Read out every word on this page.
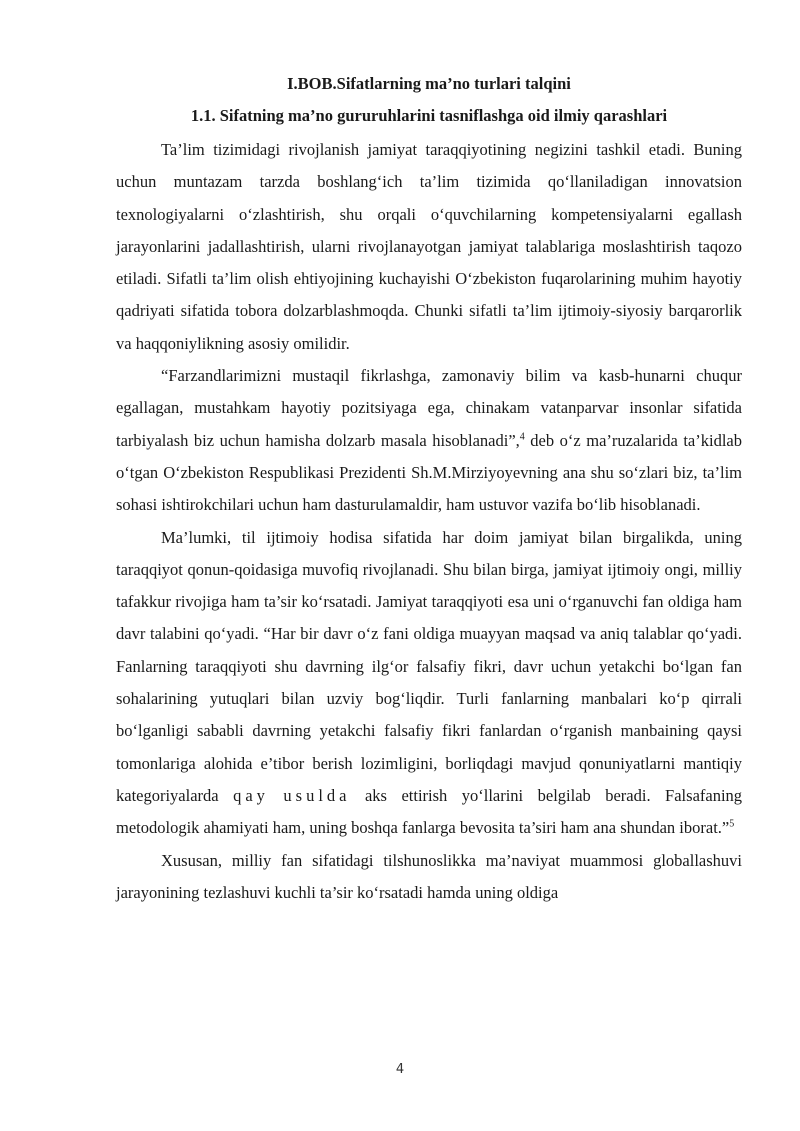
I.BOB.Sifatlarning ma’no turlari talqini
1.1. Sifatning ma’no gururuhlarini tasniflashga oid ilmiy qarashlari

Ta’lim tizimidagi rivojlanish jamiyat taraqqiyotining negizini tashkil etadi. Buning uchun muntazam tarzda boshlang‘ich ta’lim tizimida qo‘llaniladigan innovatsion texnologiyalarni o‘zlashtirish, shu orqali o‘quvchilarning kompetensiyalarni egallash jarayonlarini jadallashtirish, ularni rivojlanayotgan jamiyat talablariga moslashtirish taqozo etiladi. Sifatli ta’lim olish ehtiyojining kuchayishi O‘zbekiston fuqarolarining muhim hayotiy qadriyati sifatida tobora dolzarblashmoqda. Chunki sifatli ta’lim ijtimoiy-siyosiy barqarorlik va haqqoniylikning asosiy omilidir.

“Farzandlarimizni mustaqil fikrlashga, zamonaviy bilim va kasb-hunarni chuqur egallagan, mustahkam hayotiy pozitsiyaga ega, chinakam vatanparvar insonlar sifatida tarbiyalash biz uchun hamisha dolzarb masala hisoblanadi”,$^4$ deb o‘z ma’ruzalarida ta’kidlab o‘tgan O‘zbekiston Respublikasi Prezidenti Sh.M.Mirziyoyevning ana shu so‘zlari biz, ta’lim sohasi ishtirokchilari uchun ham dasturulamaldir, ham ustuvor vazifa bo‘lib hisoblanadi.

Ma’lumki, til ijtimoiy hodisa sifatida har doim jamiyat bilan birgalikda, uning taraqqiyot qonun-qoidasiga muvofiq rivojlanadi. Shu bilan birga, jamiyat ijtimoiy ongi, milliy tafakkur rivojiga ham ta’sir ko‘rsatadi. Jamiyat taraqqiyoti esa uni o‘rganuvchi fan oldiga ham davr talabini qo‘yadi. “Har bir davr o‘z fani oldiga muayyan maqsad va aniq talablar qo‘yadi. Fanlarning taraqqiyoti shu davrning ilg‘or falsafiy fikri, davr uchun yetakchi bo‘lgan fan sohalarining yutuqlari bilan uzviy bog‘liqdir. Turli fanlarning manbalari ko‘p qirrali bo‘lganligi sababli davrning yetakchi falsafiy fikri fanlardan o‘rganish manbaining qaysi tomonlariga alohida e’tibor berish lozimligini, borliqdagi mavjud qonuniyatlarni mantiqiy kategoriyalarda qay usulda aks ettirish yo‘llarini belgilab beradi. Falsafaning metodologik ahamiyati ham, uning boshqa fanlarga bevosita ta’siri ham ana shundan iborat.”$^5$

Xususan, milliy fan sifatidagi tilshunoslikka ma’naviyat muammosi globallashuvi jarayonining tezlashuvi kuchli ta’sir ko‘rsatadi hamda uning oldiga

4
